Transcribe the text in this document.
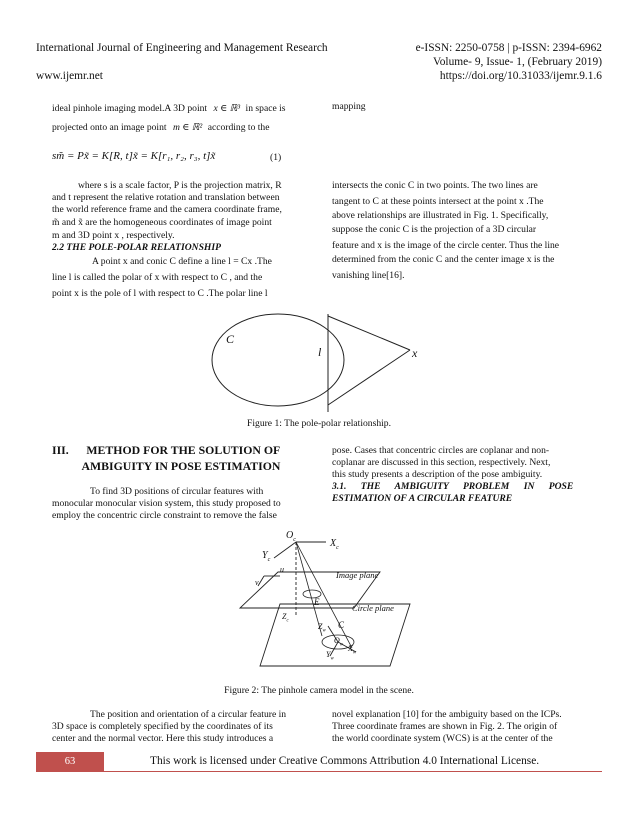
International Journal of Engineering and Management Research	e-ISSN: 2250-0758 | p-ISSN: 2394-6962
Volume- 9, Issue- 1, (February 2019)
www.ijemr.net	https://doi.org/10.31033/ijemr.9.1.6
ideal pinhole imaging model.A 3D point x ∈ ℝ³ in space is
projected onto an image point m ∈ ℝ² according to the
sm̃ = Px̃ = K[R, t]x̃ = K[r₁, r₂, r₃, t]x̃	(1)
where s is a scale factor, P is the projection matrix, R
and t represent the relative rotation and translation between
the world reference frame and the camera coordinate frame,
m̃ and x̃ are the homogeneous coordinates of image point
m and 3D point x , respectively.
2.2 THE POLE-POLAR RELATIONSHIP
A point x and conic C define a line l = Cx .The
line l is called the polar of x with respect to C , and the
point x is the pole of l with respect to C .The polar line l
mapping
intersects the conic C in two points. The two lines are
tangent to C at these points intersect at the point x .The
above relationships are illustrated in Fig. 1. Specifically,
suppose the conic C is the projection of a 3D circular
feature and x is the image of the circle center. Thus the line
determined from the conic C and the center image x is the
vanishing line[16].
C
l	x
Figure 1: The pole-polar relationship.
III.      METHOD FOR THE SOLUTION OF
AMBIGUITY IN POSE ESTIMATION
To find 3D positions of circular features with
monocular monocular vision system, this study proposed to
employ the concentric circle constraint to remove the false
pose. Cases that concentric circles are coplanar and non-
coplanar are discussed in this section, respectively. Next,
this study presents a description of the pose ambiguity.
3.1.      THE      AMBIGUITY      PROBLEM      IN      POSE
ESTIMATION OF A CIRCULAR FEATURE
$O_c$	$X_c$
$Y_c$
u
v
Image plane
E
Circle plane
$Z_c$
$Z_w$
C
$O_w$ $X_w$
$Y_w$
Figure 2: The pinhole camera model in the scene.
The position and orientation of a circular feature in
3D space is completely specified by the coordinates of its
center and the normal vector. Here this study introduces a
novel explanation [10] for the ambiguity based on the ICPs.
Three coordinate frames are shown in Fig. 2. The origin of
the world coordinate system (WCS) is at the center of the
63	This work is licensed under Creative Commons Attribution 4.0 International License.
